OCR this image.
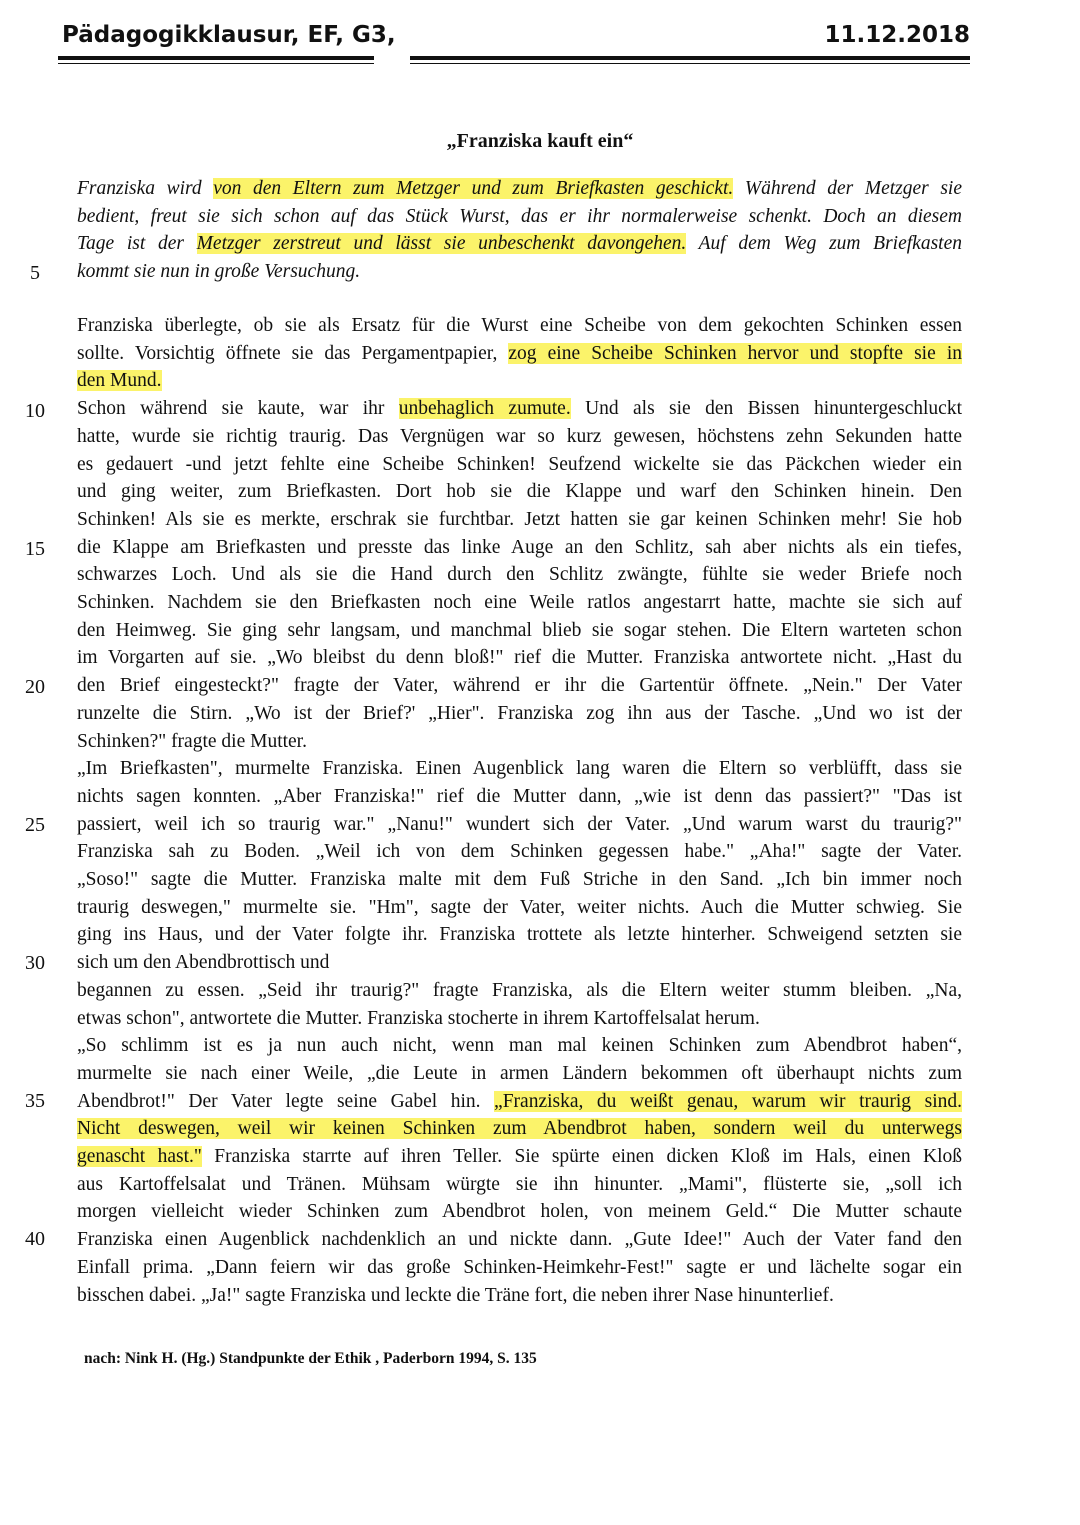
Pädagogikklausur, EF, G3,	11.12.2018
„Franziska kauft ein“
Franziska wird von den Eltern zum Metzger und zum Briefkasten geschickt. Während der Metzger sie
bedient, freut sie sich schon auf das Stück Wurst, das er ihr normalerweise schenkt. Doch an diesem
Tage ist der Metzger zerstreut und lässt sie unbeschenkt davongehen. Auf dem Weg zum Briefkasten
kommt sie nun in große Versuchung.
Franziska überlegte, ob sie als Ersatz für die Wurst eine Scheibe von dem gekochten Schinken essen
sollte. Vorsichtig öffnete sie das Pergamentpapier, zog eine Scheibe Schinken hervor und stopfte sie in
den Mund.
Schon während sie kaute, war ihr unbehaglich zumute. Und als sie den Bissen hinuntergeschluckt
hatte, wurde sie richtig traurig. Das Vergnügen war so kurz gewesen, höchstens zehn Sekunden hatte
es gedauert -und jetzt fehlte eine Scheibe Schinken! Seufzend wickelte sie das Päckchen wieder ein
und ging weiter, zum Briefkasten. Dort hob sie die Klappe und warf den Schinken hinein. Den
Schinken! Als sie es merkte, erschrak sie furchtbar. Jetzt hatten sie gar keinen Schinken mehr! Sie hob
die Klappe am Briefkasten und presste das linke Auge an den Schlitz, sah aber nichts als ein tiefes,
schwarzes Loch. Und als sie die Hand durch den Schlitz zwängte, fühlte sie weder Briefe noch
Schinken. Nachdem sie den Briefkasten noch eine Weile ratlos angestarrt hatte, machte sie sich auf
den Heimweg. Sie ging sehr langsam, und manchmal blieb sie sogar stehen. Die Eltern warteten schon
im Vorgarten auf sie. „Wo bleibst du denn bloß!" rief die Mutter. Franziska antwortete nicht. „Hast du
den Brief eingesteckt?" fragte der Vater, während er ihr die Gartentür öffnete. „Nein." Der Vater
runzelte die Stirn. „Wo ist der Brief?' „Hier". Franziska zog ihn aus der Tasche. „Und wo ist der
Schinken?" fragte die Mutter.
„Im Briefkasten", murmelte Franziska. Einen Augenblick lang waren die Eltern so verblüfft, dass sie
nichts sagen konnten. „Aber Franziska!" rief die Mutter dann, „wie ist denn das passiert?" "Das ist
passiert, weil ich so traurig war." „Nanu!" wundert sich der Vater. „Und warum warst du traurig?"
Franziska sah zu Boden. „Weil ich von dem Schinken gegessen habe." „Aha!" sagte der Vater.
„Soso!" sagte die Mutter. Franziska malte mit dem Fuß Striche in den Sand. „Ich bin immer noch
traurig deswegen," murmelte sie. "Hm", sagte der Vater, weiter nichts. Auch die Mutter schwieg. Sie
ging ins Haus, und der Vater folgte ihr. Franziska trottete als letzte hinterher. Schweigend setzten sie
sich um den Abendbrottisch und
begannen zu essen. „Seid ihr traurig?" fragte Franziska, als die Eltern weiter stumm bleiben. „Na,
etwas schon", antwortete die Mutter. Franziska stocherte in ihrem Kartoffelsalat herum.
„So schlimm ist es ja nun auch nicht, wenn man mal keinen Schinken zum Abendbrot haben“,
murmelte sie nach einer Weile, „die Leute in armen Ländern bekommen oft überhaupt nichts zum
Abendbrot!" Der Vater legte seine Gabel hin. „Franziska, du weißt genau, warum wir traurig sind.
Nicht deswegen, weil wir keinen Schinken zum Abendbrot haben, sondern weil du unterwegs
genascht hast." Franziska starrte auf ihren Teller. Sie spürte einen dicken Kloß im Hals, einen Kloß
aus Kartoffelsalat und Tränen. Mühsam würgte sie ihn hinunter. „Mami", flüsterte sie, „soll ich
morgen vielleicht wieder Schinken zum Abendbrot holen, von meinem Geld.“ Die Mutter schaute
Franziska einen Augenblick nachdenklich an und nickte dann. „Gute Idee!" Auch der Vater fand den
Einfall prima. „Dann feiern wir das große Schinken-Heimkehr-Fest!" sagte er und lächelte sogar ein
bisschen dabei. „Ja!" sagte Franziska und leckte die Träne fort, die neben ihrer Nase hinunterlief.
5
10
15
20
25
30
35
40
nach: Nink H. (Hg.) Standpunkte der Ethik , Paderborn 1994, S. 135
